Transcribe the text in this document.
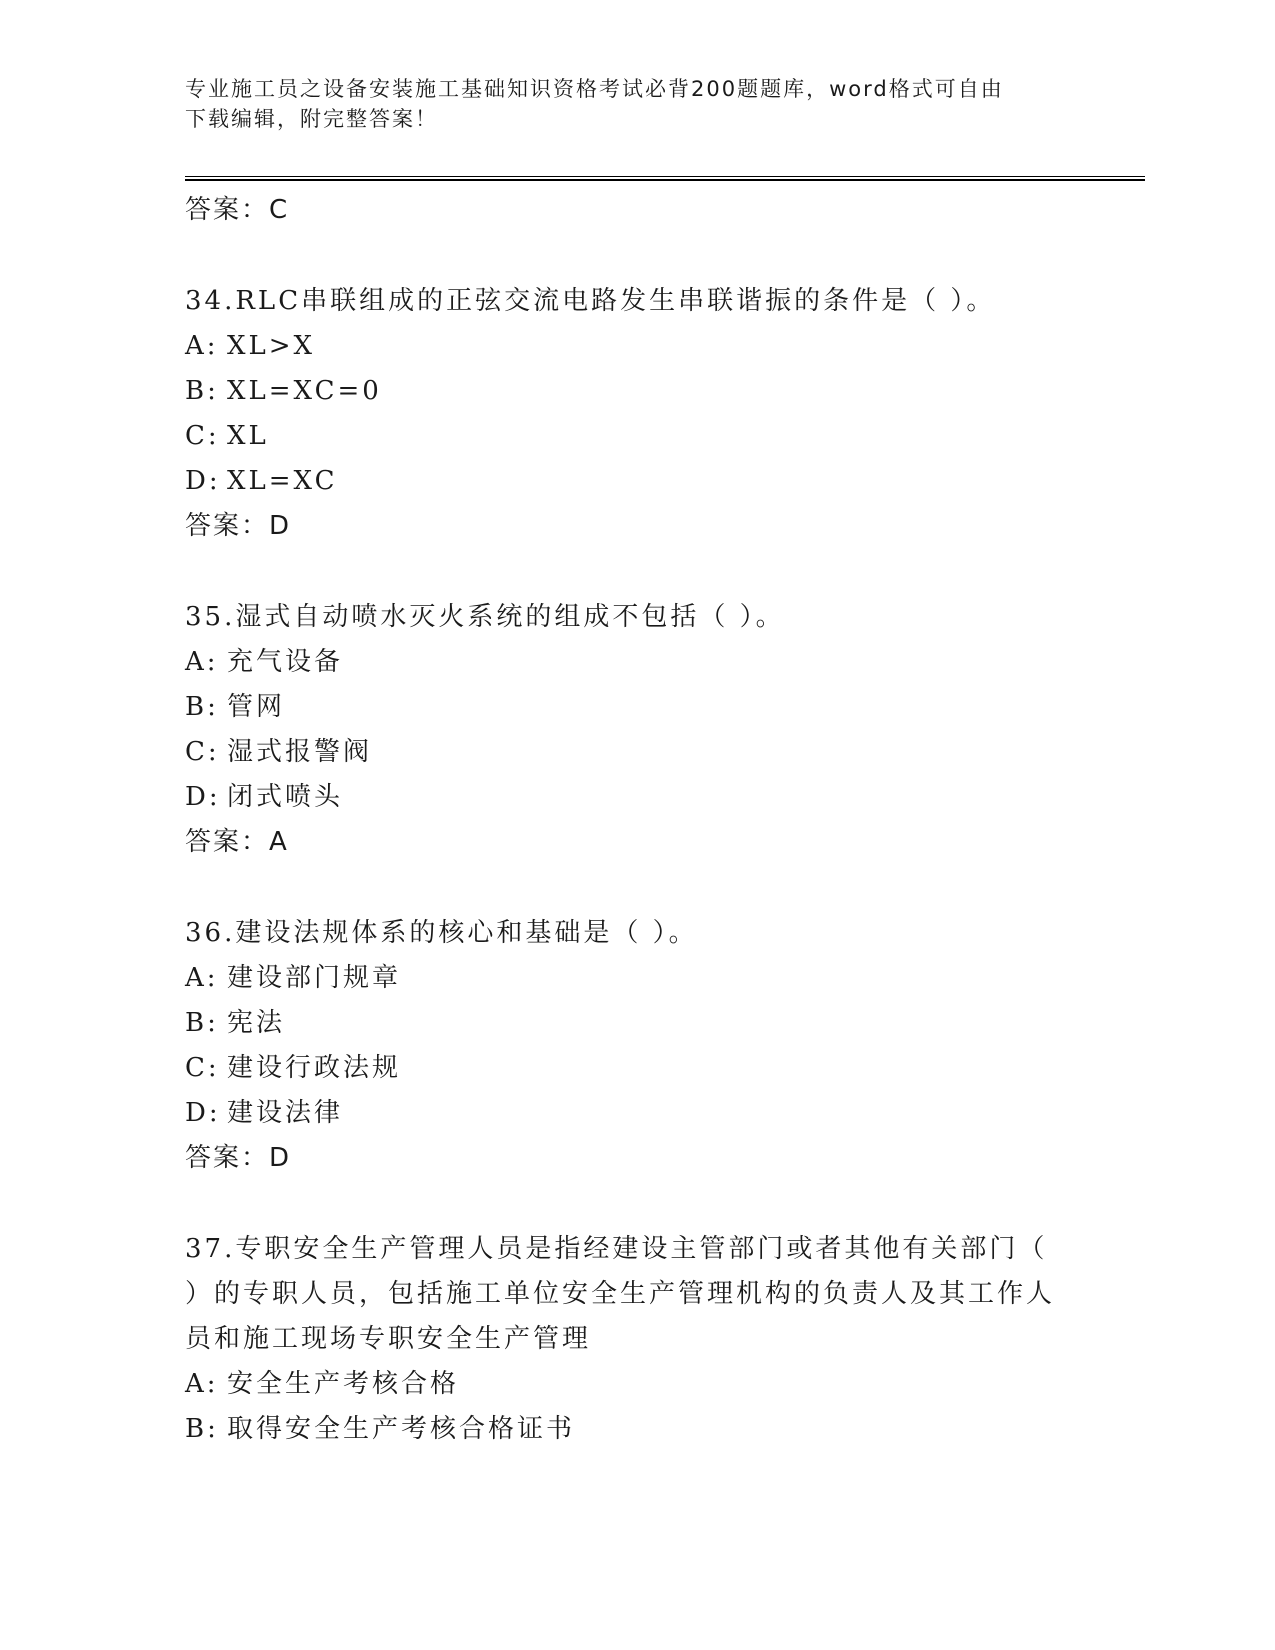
专业施工员之设备安装施工基础知识资格考试必背200题题库，word格式可自由
下载编辑，附完整答案！
答案：C
34.RLC串联组成的正弦交流电路发生串联谐振的条件是（ ）。
A: XL>X
B: XL=XC=0
C: XL
D: XL=XC
答案：D
35.湿式自动喷水灭火系统的组成不包括（ ）。
A: 充气设备
B: 管网
C: 湿式报警阀
D: 闭式喷头
答案：A
36.建设法规体系的核心和基础是（ ）。
A: 建设部门规章
B: 宪法
C: 建设行政法规
D: 建设法律
答案：D
37.专职安全生产管理人员是指经建设主管部门或者其他有关部门（
）的专职人员，包括施工单位安全生产管理机构的负责人及其工作人
员和施工现场专职安全生产管理
A: 安全生产考核合格
B: 取得安全生产考核合格证书
